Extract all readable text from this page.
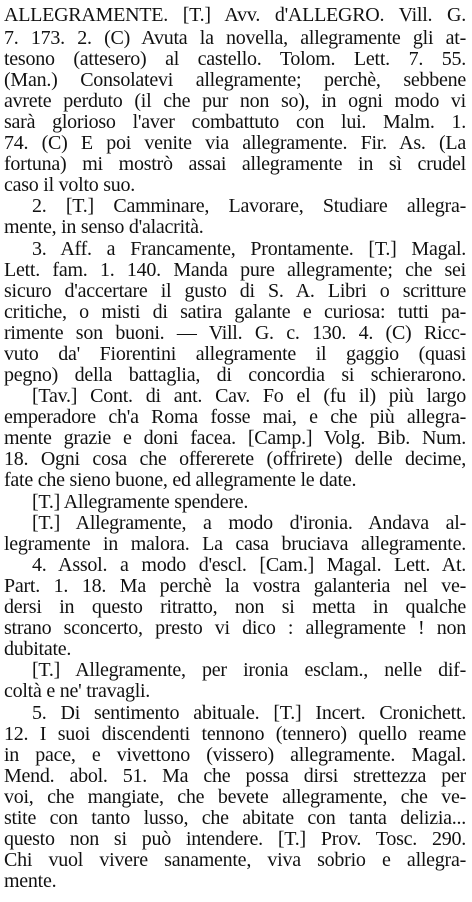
ALLEGRAMENTE. [T.] Avv. d'ALLEGRO. Vill. G.
7. 173. 2. (C) Avuta la novella, allegramente gli at-
tesono (attesero) al castello. Tolom. Lett. 7. 55.
(Man.) Consolatevi allegramente; perchè, sebbene
avrete perduto (il che pur non so), in ogni modo vi
sarà glorioso l'aver combattuto con lui. Malm. 1.
74. (C) E poi venite via allegramente. Fir. As. (La
fortuna) mi mostrò assai allegramente in sì crudel
caso il volto suo.
2. [T.] Camminare, Lavorare, Studiare allegra-
mente, in senso d'alacrità.
3. Aff. a Francamente, Prontamente. [T.] Magal.
Lett. fam. 1. 140. Manda pure allegramente; che sei
sicuro d'accertare il gusto di S. A. Libri o scritture
critiche, o misti di satira galante e curiosa: tutti pa-
rimente son buoni. — Vill. G. c. 130. 4. (C) Ricc-
vuto da' Fiorentini allegramente il gaggio (quasi
pegno) della battaglia, di concordia si schierarono.
[Tav.] Cont. di ant. Cav. Fo el (fu il) più largo
emperadore ch'a Roma fosse mai, e che più allegra-
mente grazie e doni facea. [Camp.] Volg. Bib. Num.
18. Ogni cosa che offererete (offrirete) delle decime,
fate che sieno buone, ed allegramente le date.
[T.] Allegramente spendere.
[T.] Allegramente, a modo d'ironia. Andava al-
legramente in malora. La casa bruciava allegramente.
4. Assol. a modo d'escl. [Cam.] Magal. Lett. At.
Part. 1. 18. Ma perchè la vostra galanteria nel ve-
dersi in questo ritratto, non si metta in qualche
strano sconcerto, presto vi dico : allegramente ! non
dubitate.
[T.] Allegramente, per ironia esclam., nelle dif-
coltà e ne' travagli.
5. Di sentimento abituale. [T.] Incert. Cronichett.
12. I suoi discendenti tennono (tennero) quello reame
in pace, e vivettono (vissero) allegramente. Magal.
Mend. abol. 51. Ma che possa dirsi strettezza per
voi, che mangiate, che bevete allegramente, che ve-
stite con tanto lusso, che abitate con tanta delizia...
questo non si può intendere. [T.] Prov. Tosc. 290.
Chi vuol vivere sanamente, viva sobrio e allegra-
mente.
